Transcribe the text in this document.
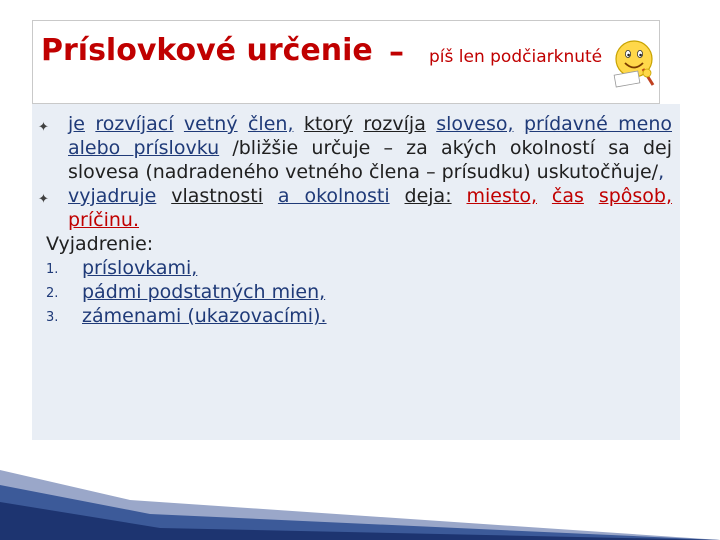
Príslovkové určenie – píš len podčiarknuté
✦ je rozvíjací vetný člen, ktorý rozvíja sloveso, prídavné meno alebo príslovku /bližšie určuje – za akých okolností sa dej slovesa (nadradeného vetného člena – prísudku) uskutočňuje/,
✦ vyjadruje vlastnosti a okolnosti deja: miesto, čas spôsob, príčinu.
Vyjadrenie:
1. príslovkami,
2. pádmi podstatných mien,
3. zámenami (ukazovacími).
